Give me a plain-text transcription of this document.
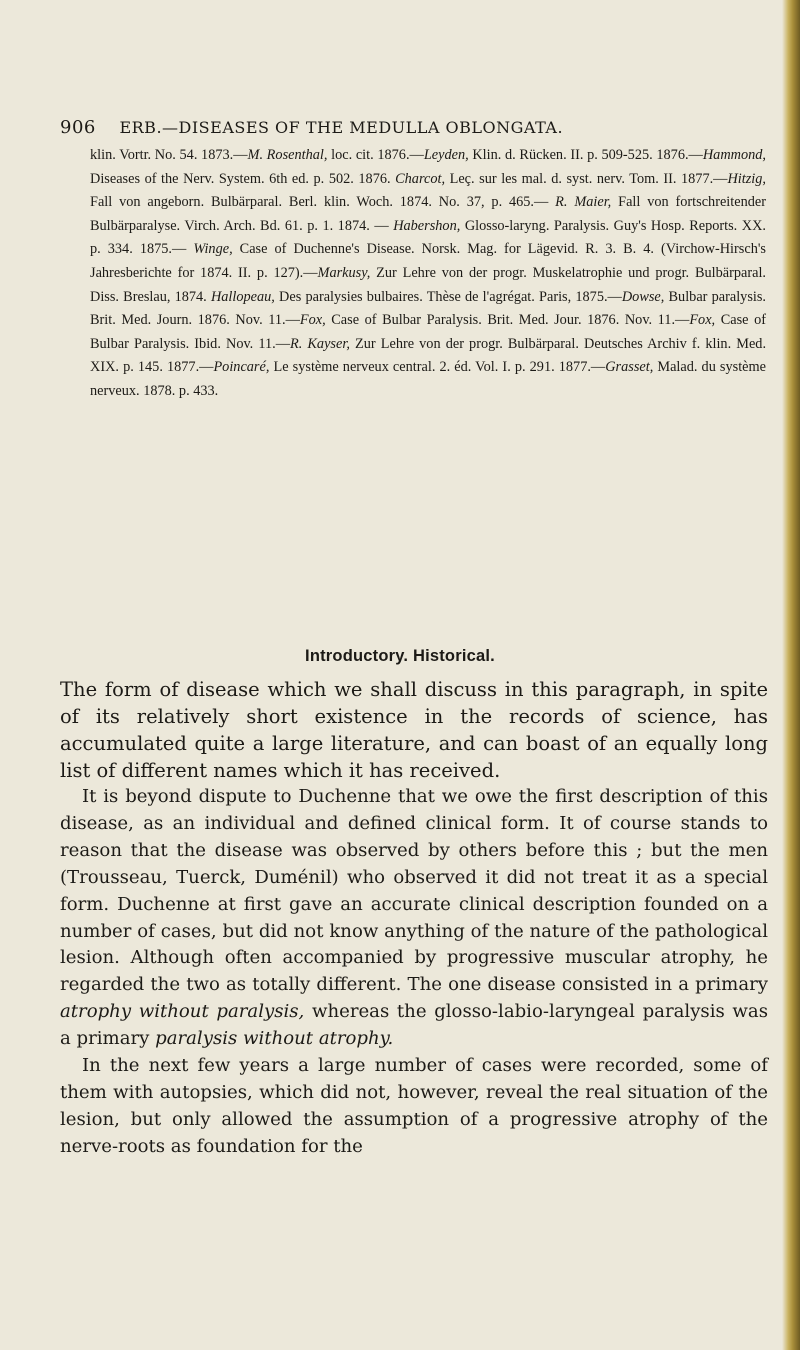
906 ERB.—DISEASES OF THE MEDULLA OBLONGATA.
klin. Vortr. No. 54. 1873.—M. Rosenthal, loc. cit. 1876.—Leyden, Klin. d. Rücken. II. p. 509-525. 1876.—Hammond, Diseases of the Nerv. System. 6th ed. p. 502. 1876. Charcot, Leç. sur les mal. d. syst. nerv. Tom. II. 1877.—Hitzig, Fall von angeborn. Bulbärparal. Berl. klin. Woch. 1874. No. 37, p. 465.— R. Maier, Fall von fortschreitender Bulbärparalyse. Virch. Arch. Bd. 61. p. 1. 1874. — Habershon, Glosso-laryng. Paralysis. Guy's Hosp. Reports. XX. p. 334. 1875.— Winge, Case of Duchenne's Disease. Norsk. Mag. for Lägevid. R. 3. B. 4. (Virchow-Hirsch's Jahresberichte for 1874. II. p. 127).—Markusy, Zur Lehre von der progr. Muskelatrophie und progr. Bulbärparal. Diss. Breslau, 1874. Hallopeau, Des paralysies bulbaires. Thèse de l'agrégat. Paris, 1875.—Dowse, Bulbar paralysis. Brit. Med. Journ. 1876. Nov. 11.—Fox, Case of Bulbar Paralysis. Brit. Med. Jour. 1876. Nov. 11.—Fox, Case of Bulbar Paralysis. Ibid. Nov. 11.—R. Kayser, Zur Lehre von der progr. Bulbärparal. Deutsches Archiv f. klin. Med. XIX. p. 145. 1877.—Poincaré, Le système nerveux central. 2. éd. Vol. I. p. 291. 1877.—Grasset, Malad. du système nerveux. 1878. p. 433.
Introductory. Historical.

The form of disease which we shall discuss in this paragraph, in spite of its relatively short existence in the records of science, has accumulated quite a large literature, and can boast of an equally long list of different names which it has received.

It is beyond dispute to Duchenne that we owe the first description of this disease, as an individual and defined clinical form. It of course stands to reason that the disease was observed by others before this ; but the men (Trousseau, Tuerck, Duménil) who observed it did not treat it as a special form. Duchenne at first gave an accurate clinical description founded on a number of cases, but did not know anything of the nature of the pathological lesion. Although often accompanied by progressive muscular atrophy, he regarded the two as totally different. The one disease consisted in a primary atrophy without paralysis, whereas the glosso-labio-laryngeal paralysis was a primary paralysis without atrophy.

In the next few years a large number of cases were recorded, some of them with autopsies, which did not, however, reveal the real situation of the lesion, but only allowed the assumption of a progressive atrophy of the nerve-roots as foundation for the
